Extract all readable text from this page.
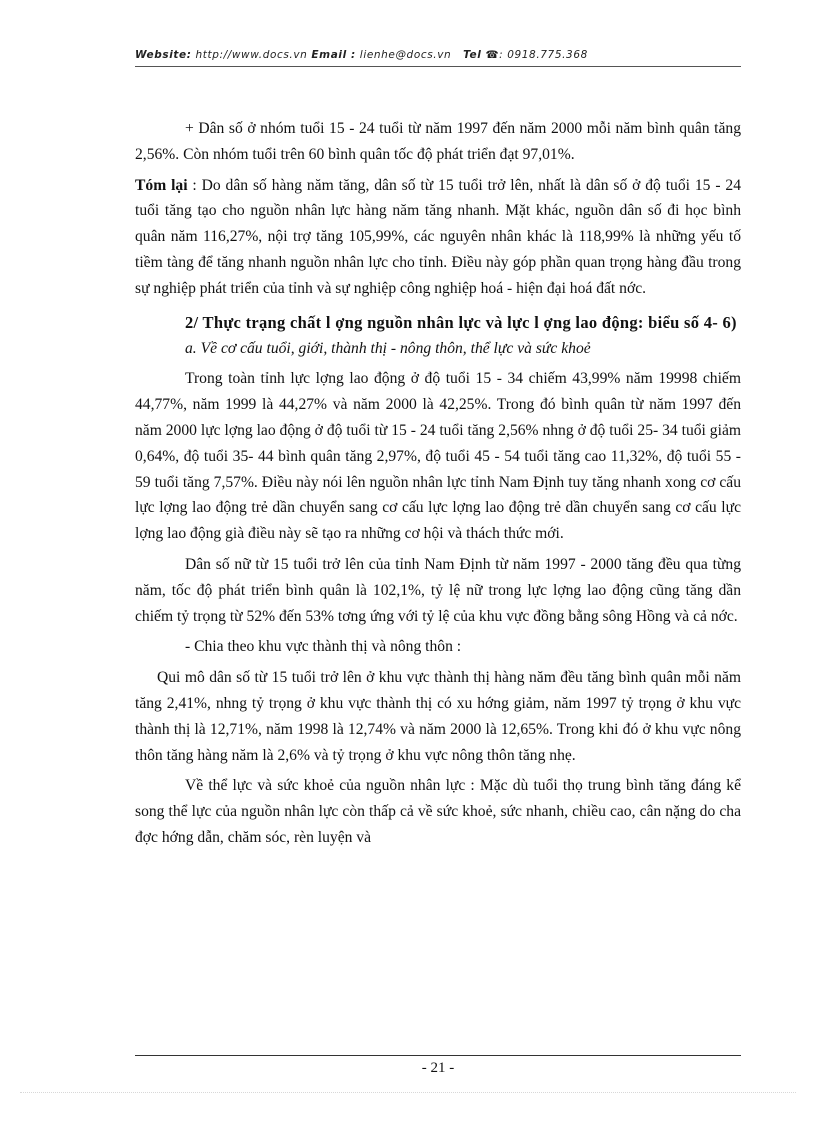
Website: http://www.docs.vn Email : lienhe@docs.vn Tel ☎: 0918.775.368

+ Dân số ở nhóm tuổi 15 - 24 tuổi từ năm 1997 đến năm 2000 mỗi năm bình quân tăng 2,56%. Còn nhóm tuổi trên 60 bình quân tốc độ phát triển đạt 97,01%.

Tóm lại : Do dân số hàng năm tăng, dân số từ 15 tuổi trở lên, nhất là dân số ở độ tuổi 15 - 24 tuổi tăng tạo cho nguồn nhân lực hàng năm tăng nhanh. Mặt khác, nguồn dân số đi học bình quân năm 116,27%, nội trợ tăng 105,99%, các nguyên nhân khác là 118,99% là những yếu tố tiềm tàng để tăng nhanh nguồn nhân lực cho tỉnh. Điều này góp phần quan trọng hàng đầu trong sự nghiệp phát triển của tỉnh và sự nghiệp công nghiệp hoá - hiện đại hoá đất nớc.

2/ Thực trạng chất l ợng nguồn nhân lực và lực l ợng lao động: biểu số 4- 6)

a. Về cơ cấu tuổi, giới, thành thị - nông thôn, thể lực và sức khoẻ

Trong toàn tỉnh lực lợng lao động ở độ tuổi 15 - 34 chiếm 43,99% năm 19998 chiếm 44,77%, năm 1999 là 44,27% và năm 2000 là 42,25%. Trong đó bình quân từ năm 1997 đến năm 2000 lực lợng lao động ở độ tuổi từ 15 - 24 tuổi tăng 2,56% nhng ở độ tuổi 25- 34 tuổi giảm 0,64%, độ tuổi 35- 44 bình quân tăng 2,97%, độ tuổi 45 - 54 tuổi tăng cao 11,32%, độ tuổi 55 - 59 tuổi tăng 7,57%. Điều này nói lên nguồn nhân lực tỉnh Nam Định tuy tăng nhanh xong cơ cấu lực lợng lao động trẻ dần chuyển sang cơ cấu lực lợng lao động trẻ dần chuyển sang cơ cấu lực lợng lao động già điều này sẽ tạo ra những cơ hội và thách thức mới.

Dân số nữ từ 15 tuổi trở lên của tỉnh Nam Định từ năm 1997 - 2000 tăng đều qua từng năm, tốc độ phát triển bình quân là 102,1%, tỷ lệ nữ trong lực lợng lao động cũng tăng dần chiếm tỷ trọng từ 52% đến 53% tơng ứng với tỷ lệ của khu vực đồng bằng sông Hồng và cả nớc.

- Chia theo khu vực thành thị và nông thôn :

Qui mô dân số từ 15 tuổi trở lên ở khu vực thành thị hàng năm đều tăng bình quân mỗi năm tăng 2,41%, nhng tỷ trọng ở khu vực thành thị có xu hớng giảm, năm 1997 tỷ trọng ở khu vực thành thị là 12,71%, năm 1998 là 12,74% và năm 2000 là 12,65%. Trong khi đó ở khu vực nông thôn tăng hàng năm là 2,6% và tỷ trọng ở khu vực nông thôn tăng nhẹ.

Về thể lực và sức khoẻ của nguồn nhân lực : Mặc dù tuổi thọ trung bình tăng đáng kể song thể lực của nguồn nhân lực còn thấp cả về sức khoẻ, sức nhanh, chiều cao, cân nặng do cha đợc hớng dẫn, chăm sóc, rèn luyện và

- 21 -
